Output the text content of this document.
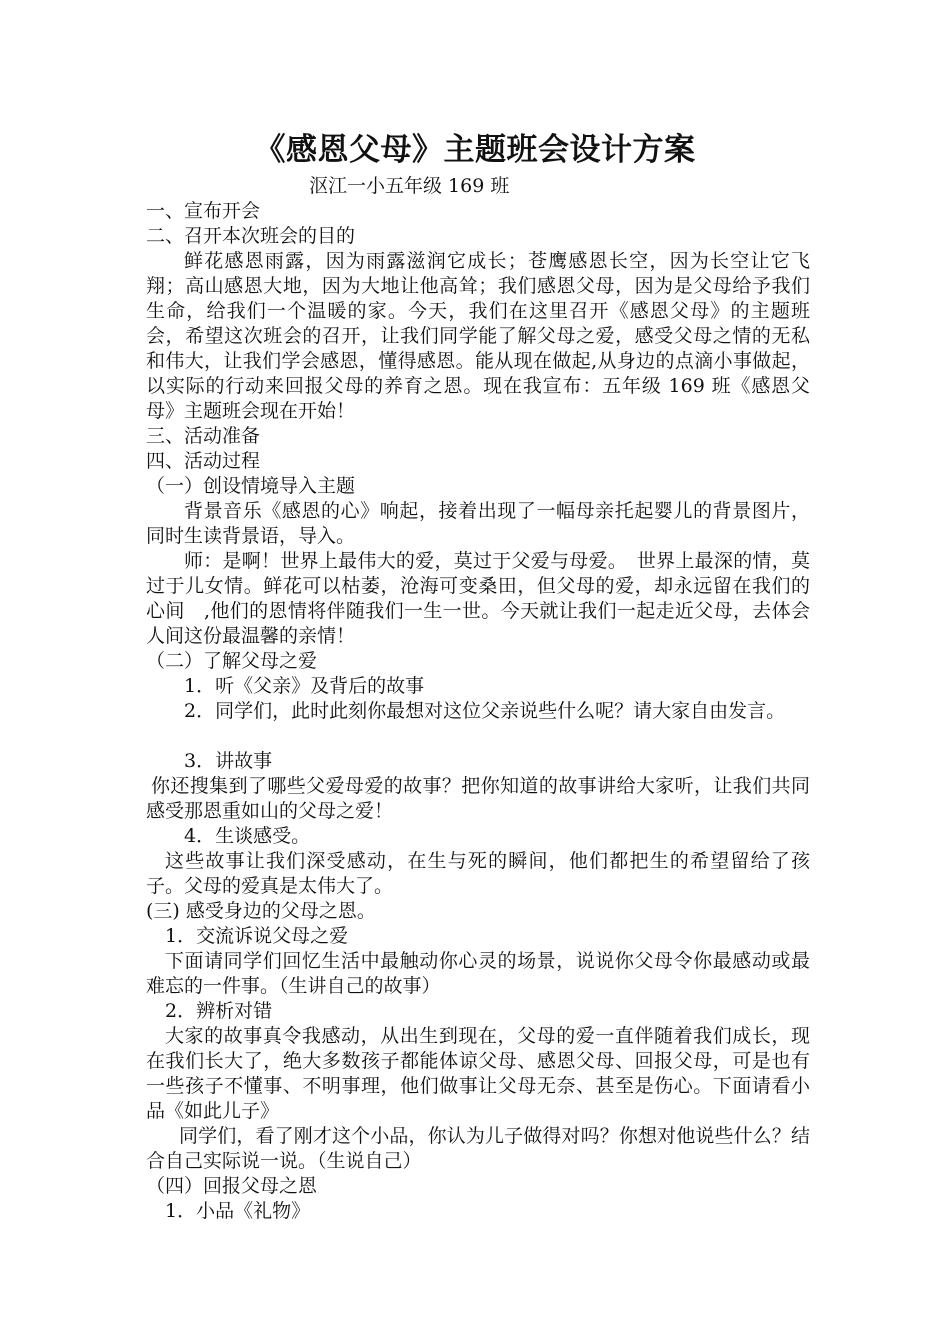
《感恩父母》主题班会设计方案
沤江一小五年级 169 班
一、宣布开会
二、召开本次班会的目的

鲜花感恩雨露，因为雨露滋润它成长；苍鹰感恩长空，因为长空让它飞翔；高山感恩大地，因为大地让他高耸；我们感恩父母，因为是父母给予我们生命，给我们一个温暖的家。今天，我们在这里召开《感恩父母》的主题班会，希望这次班会的召开，让我们同学能了解父母之爱，感受父母之情的无私和伟大，让我们学会感恩，懂得感恩。能从现在做起,从身边的点滴小事做起， 以实际的行动来回报父母的养育之恩。现在我宣布：五年级 169 班《感恩父母》主题班会现在开始！

三、活动准备
四、活动过程
（一）创设情境导入主题

背景音乐《感恩的心》响起，接着出现了一幅母亲托起婴儿的背景图片，同时生读背景语，导入。

师：是啊！世界上最伟大的爱，莫过于父爱与母爱。　世界上最深的情，莫过于儿女情。鲜花可以枯萎，沧海可变桑田，但父母的爱，却永远留在我们的心间　,他们的恩情将伴随我们一生一世。今天就让我们一起走近父母，去体会人间这份最温馨的亲情！

（二）了解父母之爱
1．听《父亲》及背后的故事

2．同学们，此时此刻你最想对这位父亲说些什么呢？请大家自由发言。

3．讲故事

你还搜集到了哪些父爱母爱的故事？把你知道的故事讲给大家听，让我们共同感受那恩重如山的父母之爱！

4．生谈感受。

这些故事让我们深受感动，在生与死的瞬间，他们都把生的希望留给了孩子。父母的爱真是太伟大了。

(三) 感受身边的父母之恩。
1．交流诉说父母之爱

下面请同学们回忆生活中最触动你心灵的场景，说说你父母令你最感动或最难忘的一件事。（生讲自己的故事）

2．辨析对错

大家的故事真令我感动，从出生到现在，父母的爱一直伴随着我们成长，现在我们长大了，绝大多数孩子都能体谅父母、感恩父母、回报父母，可是也有一些孩子不懂事、不明事理，他们做事让父母无奈、甚至是伤心。下面请看小品《如此儿子》

同学们，看了刚才这个小品，你认为儿子做得对吗？你想对他说些什么？结合自己实际说一说。（生说自己）

（四）回报父母之恩
1．小品《礼物》
